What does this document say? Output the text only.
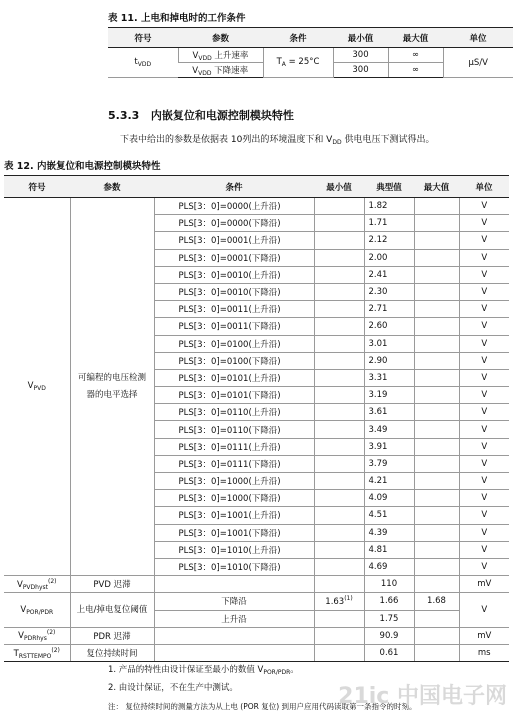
表 11. 上电和掉电时的工作条件
符号	参数	条件	最小值	最大值	单位
$t_{VDD}$	$V_{VDD}$ 上升速率	$T_A = 25^\circ C$	300	∞	µS/V
	$V_{VDD}$ 下降速率		300	∞	
5.3.3 内嵌复位和电源控制模块特性
下表中给出的参数是依据表 10列出的环境温度下和 $V_{DD}$ 供电电压下测试得出。
表 12. 内嵌复位和电源控制模块特性
符号	参数	条件	最小值	典型值	最大值	单位
$V_{PVD}$	可编程的电压检测器的电平选择	PLS[3：0]=0000(上升沿)		1.82		V
		PLS[3：0]=0000(下降沿)		1.71		V
		PLS[3：0]=0001(上升沿)		2.12		V
		PLS[3：0]=0001(下降沿)		2.00		V
		PLS[3：0]=0010(上升沿)		2.41		V
		PLS[3：0]=0010(下降沿)		2.30		V
		PLS[3：0]=0011(上升沿)		2.71		V
		PLS[3：0]=0011(下降沿)		2.60		V
		PLS[3：0]=0100(上升沿)		3.01		V
		PLS[3：0]=0100(下降沿)		2.90		V
		PLS[3：0]=0101(上升沿)		3.31		V
		PLS[3：0]=0101(下降沿)		3.19		V
		PLS[3：0]=0110(上升沿)		3.61		V
		PLS[3：0]=0110(下降沿)		3.49		V
		PLS[3：0]=0111(上升沿)		3.91		V
		PLS[3：0]=0111(下降沿)		3.79		V
		PLS[3：0]=1000(上升沿)		4.21		V
		PLS[3：0]=1000(下降沿)		4.09		V
		PLS[3：0]=1001(上升沿)		4.51		V
		PLS[3：0]=1001(下降沿)		4.39		V
		PLS[3：0]=1010(上升沿)		4.81		V
		PLS[3：0]=1010(下降沿)		4.69		V
$V_{PVDhyst}^{(2)}$	PVD 迟滞			110		mV
$V_{POR/PDR}$	上电/掉电复位阈值	下降沿	1.63$^{(1)}$	1.66	1.68	V
		上升沿		1.75		
$V_{PDRhys}^{(2)}$	PDR 迟滞			90.9		mV
$T_{RSTTEMPO}^{(2)}$	复位持续时间			0.61		ms
1. 产品的特性由设计保证至最小的数值 $V_{POR/PDR}$。
2. 由设计保证，不在生产中测试。
注： 复位持续时间的测量方法为从上电 (POR 复位) 到用户应用代码读取第一条指令的时刻。
21ic 中国电子网
